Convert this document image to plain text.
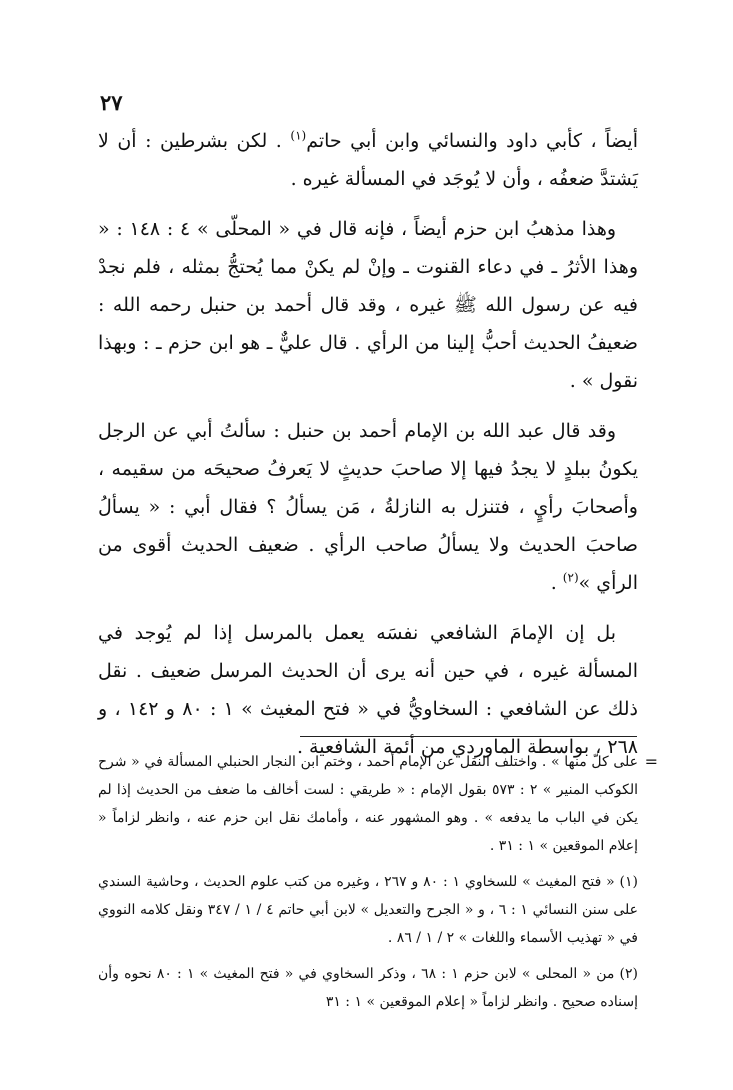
٢٧

أيضاً ، كأبي داود والنسائي وابن أبي حاتم$^{(١)}$ . لكن بشرطين : أن لا يَشتدَّ ضعفُه ، وأن لا يُوجَد في المسألة غيره .

وهذا مذهبُ ابن حزم أيضاً ، فإنه قال في « المحلّى » ٤ : ١٤٨ : « وهذا الأثرُ ـ في دعاء القنوت ـ وإنْ لم يكنْ مما يُحتجُّ بمثله ، فلم نجدْ فيه عن رسول الله ﷺ غيره ، وقد قال أحمد بن حنبل رحمه الله : ضعيفُ الحديث أحبُّ إلينا من الرأي . قال عليٌّ ـ هو ابن حزم ـ : وبهذا نقول » .

وقد قال عبد الله بن الإمام أحمد بن حنبل : سألتُ أبي عن الرجل يكونُ ببلدٍ لا يجدُ فيها إلا صاحبَ حديثٍ لا يَعرفُ صحيحَه من سقيمه ، وأصحابَ رأيٍ ، فتنزل به النازلةُ ، مَن يسألُ ؟ فقال أبي : « يسألُ صاحبَ الحديث ولا يسألُ صاحب الرأي . ضعيف الحديث أقوى من الرأي »$^{(٢)}$ .

بل إن الإمامَ الشافعي نفسَه يعمل بالمرسل إذا لم يُوجد في المسألة غيره ، في حين أنه يرى أن الحديث المرسل ضعيف . نقل ذلك عن الشافعي : السخاويُّ في « فتح المغيث » ١ : ٨٠ و ١٤٢ ، و ٢٦٨ ، بواسطة الماوردي من أئمة الشافعية .

=

على كلّ منها » . واختلف النقل عن الإمام أحمد ، وختم ابن النجار الحنبلي المسألة في « شرح الكوكب المنير » ٢ : ٥٧٣ بقول الإمام : « طريقي : لست أخالف ما ضعف من الحديث إذا لم يكن في الباب ما يدفعه » . وهو المشهور عنه ، وأمامك نقل ابن حزم عنه ، وانظر لزاماً « إعلام الموقعين » ١ : ٣١ .

(١) « فتح المغيث » للسخاوي ١ : ٨٠ و ٢٦٧ ، وغيره من كتب علوم الحديث ، وحاشية السندي على سنن النسائي ١ : ٦ ، و « الجرح والتعديل » لابن أبي حاتم ٤ / ١ / ٣٤٧ ونقل كلامه النووي في « تهذيب الأسماء واللغات » ٢ / ١ / ٨٦ .

(٢) من « المحلى » لابن حزم ١ : ٦٨ ، وذكر السخاوي في « فتح المغيث » ١ : ٨٠ نحوه وأن إسناده صحيح . وانظر لزاماً « إعلام الموقعين » ١ : ٣١
